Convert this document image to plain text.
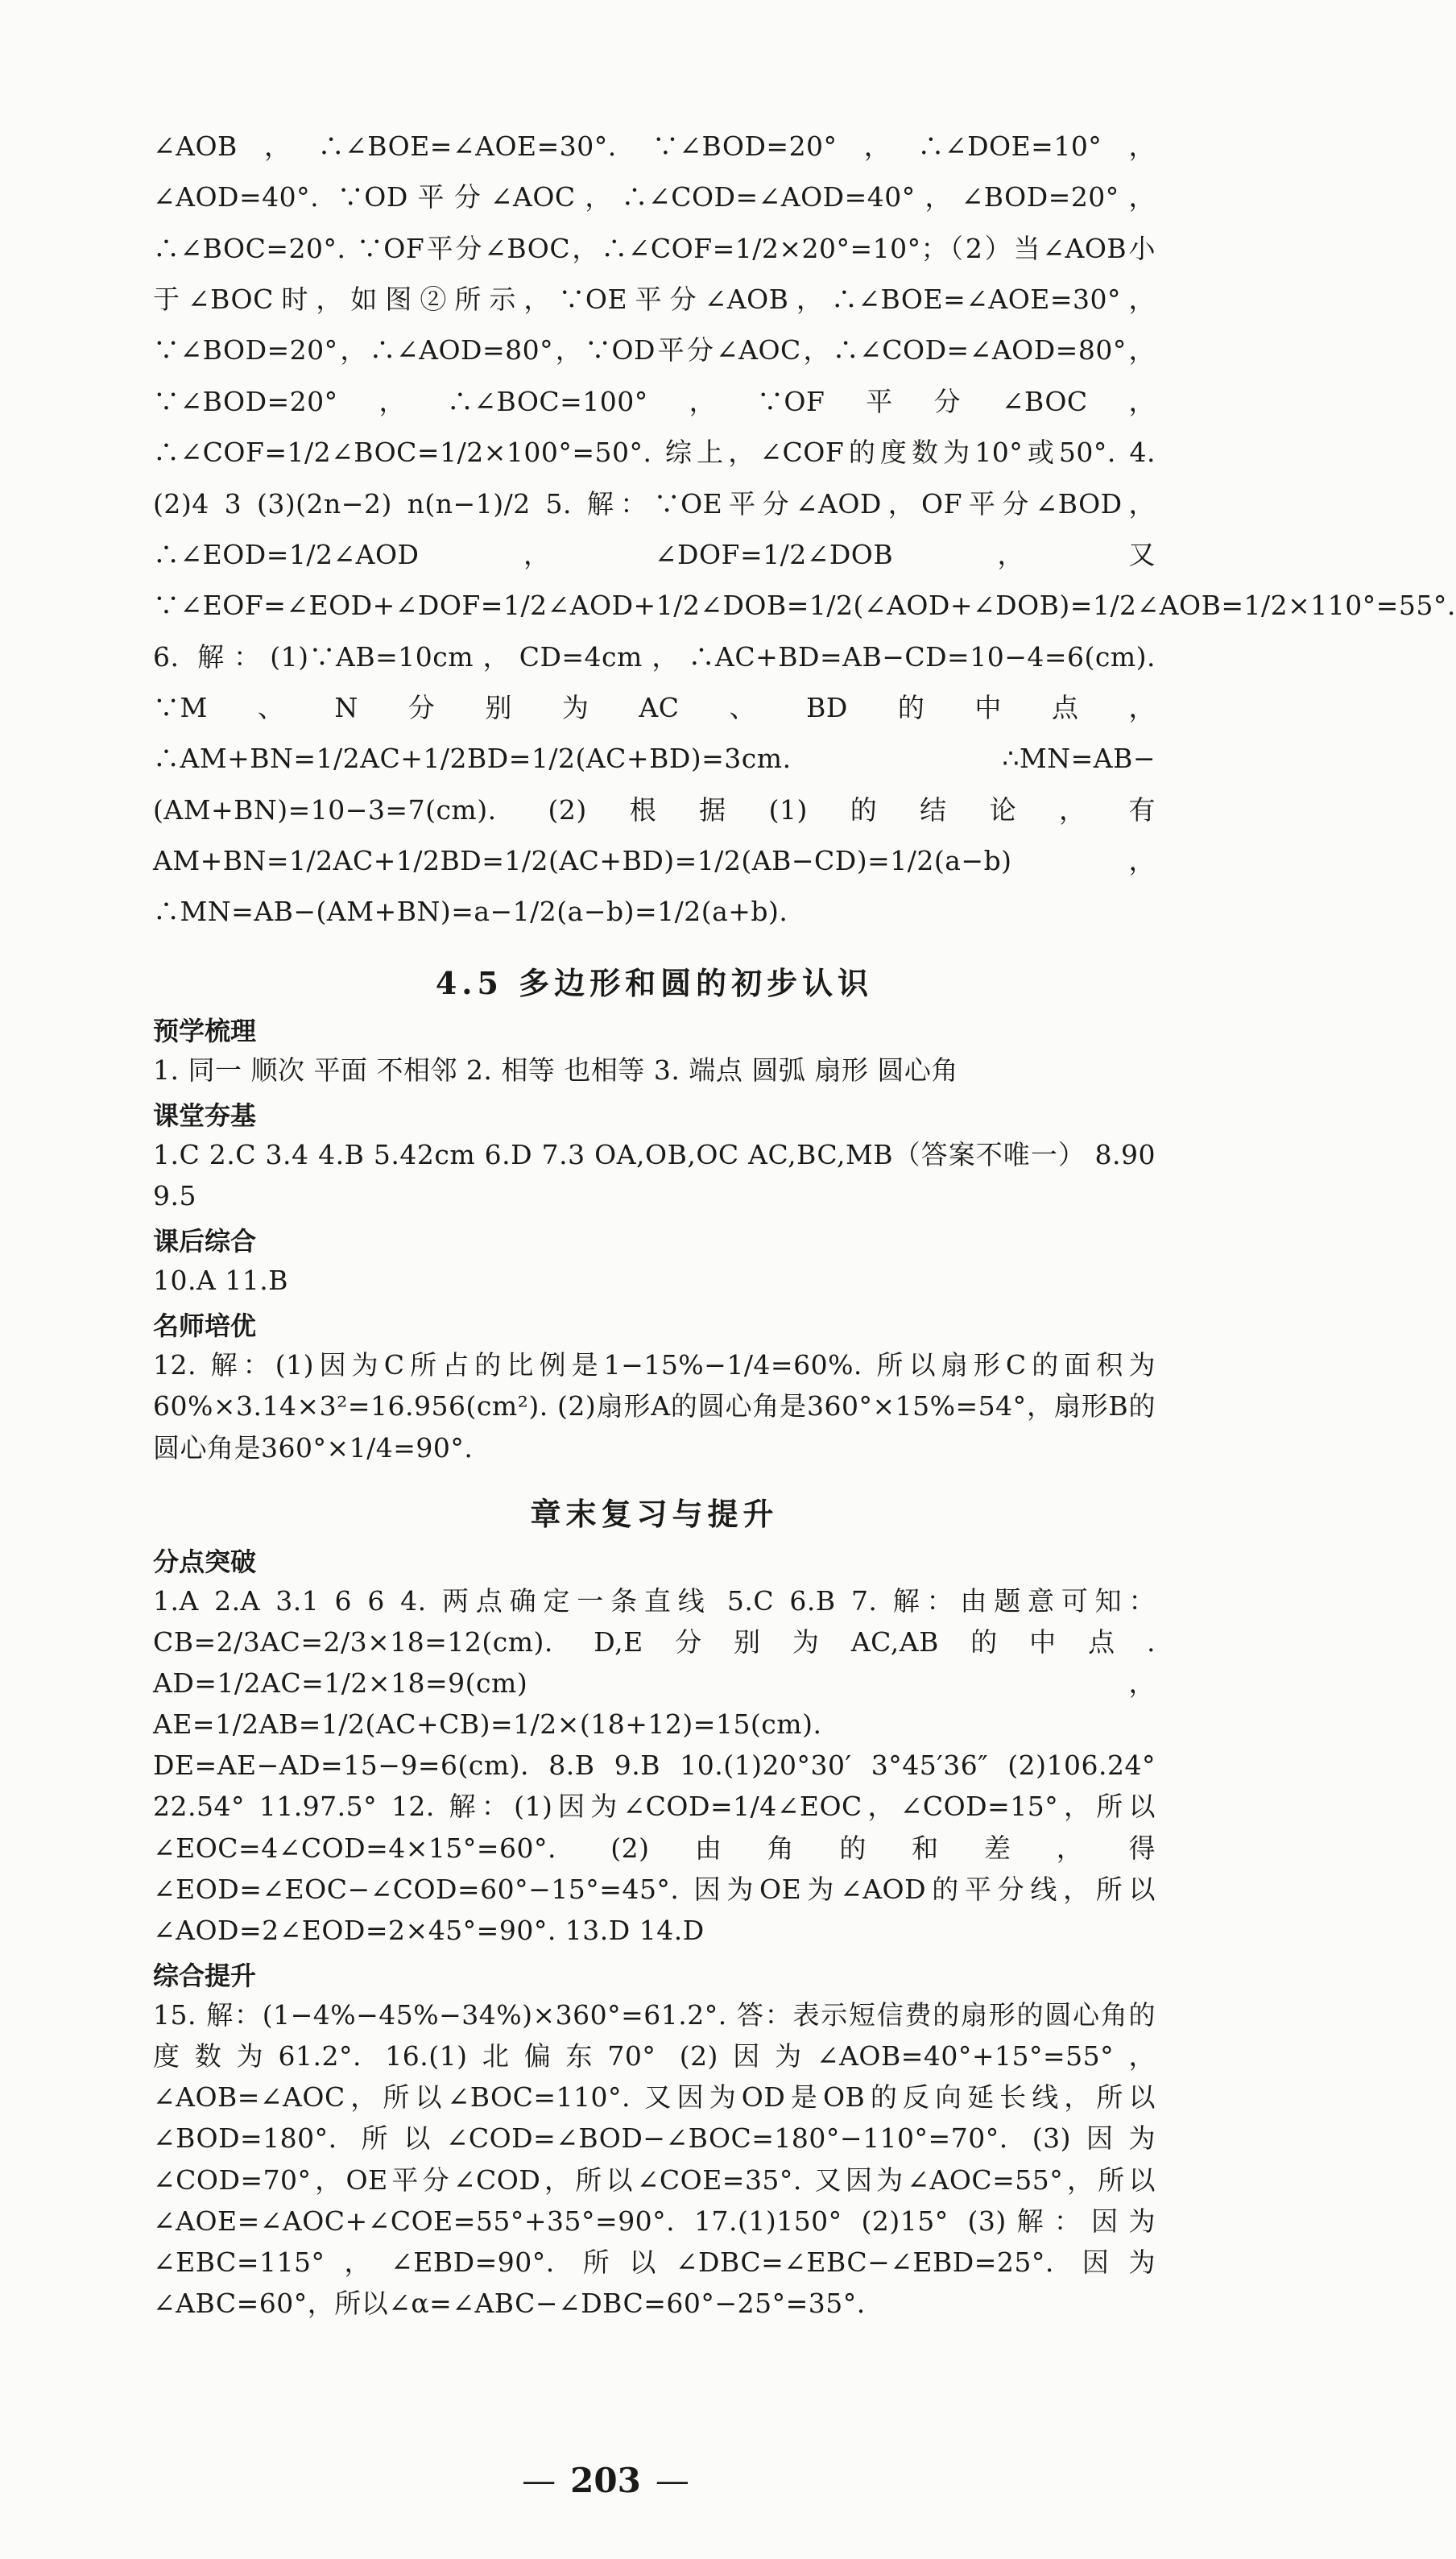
∠AOB，∴∠BOE=∠AOE=30°. ∵∠BOD=20°，∴∠DOE=10°，∠AOD=40°. ∵OD平分∠AOC，∴∠COD=∠AOD=40°，∠BOD=20°，∴∠BOC=20°. ∵OF平分∠BOC，∴∠COF=1/2×20°=10°；（2）当∠AOB小于∠BOC时，如图②所示，∵OE平分∠AOB，∴∠BOE=∠AOE=30°，∵∠BOD=20°，∴∠AOD=80°，∵OD平分∠AOC，∴∠COD=∠AOD=80°，∵∠BOD=20°，∴∠BOC=100°，∵OF平分∠BOC，∴∠COF=1/2∠BOC=1/2×100°=50°. 综上，∠COF的度数为10°或50°. 4.(2)4 3 (3)(2n−2) n(n−1)/2 5. 解：∵OE平分∠AOD，OF平分∠BOD，∴∠EOD=1/2∠AOD，∠DOF=1/2∠DOB，又∵∠EOF=∠EOD+∠DOF=1/2∠AOD+1/2∠DOB=1/2(∠AOD+∠DOB)=1/2∠AOB=1/2×110°=55°. 6. 解：(1)∵AB=10cm，CD=4cm，∴AC+BD=AB−CD=10−4=6(cm). ∵M、N分别为AC、BD的中点，∴AM+BN=1/2AC+1/2BD=1/2(AC+BD)=3cm. ∴MN=AB−(AM+BN)=10−3=7(cm). (2)根据(1)的结论，有AM+BN=1/2AC+1/2BD=1/2(AC+BD)=1/2(AB−CD)=1/2(a−b)，∴MN=AB−(AM+BN)=a−1/2(a−b)=1/2(a+b).

4.5 多边形和圆的初步认识
预学梳理

1. 同一 顺次 平面 不相邻 2. 相等 也相等 3. 端点 圆弧 扇形 圆心角

课堂夯基

1.C 2.C 3.4 4.B 5.42cm 6.D 7.3 OA,OB,OC AC,BC,MB（答案不唯一） 8.90 9.5

课后综合

10.A 11.B

名师培优

12. 解：(1)因为C所占的比例是1−15%−1/4=60%. 所以扇形C的面积为60%×3.14×3²=16.956(cm²). (2)扇形A的圆心角是360°×15%=54°，扇形B的圆心角是360°×1/4=90°.

章末复习与提升
分点突破

1.A 2.A 3.1 6 6 4. 两点确定一条直线 5.C 6.B 7. 解：由题意可知：CB=2/3AC=2/3×18=12(cm). D,E分别为AC,AB的中点. AD=1/2AC=1/2×18=9(cm)，AE=1/2AB=1/2(AC+CB)=1/2×(18+12)=15(cm). DE=AE−AD=15−9=6(cm). 8.B 9.B 10.(1)20°30′ 3°45′36″ (2)106.24° 22.54° 11.97.5° 12. 解：(1)因为∠COD=1/4∠EOC，∠COD=15°，所以∠EOC=4∠COD=4×15°=60°. (2)由角的和差，得∠EOD=∠EOC−∠COD=60°−15°=45°. 因为OE为∠AOD的平分线，所以∠AOD=2∠EOD=2×45°=90°. 13.D 14.D

综合提升

15. 解：(1−4%−45%−34%)×360°=61.2°. 答：表示短信费的扇形的圆心角的度数为61.2°. 16.(1)北偏东70° (2)因为∠AOB=40°+15°=55°，∠AOB=∠AOC，所以∠BOC=110°. 又因为OD是OB的反向延长线，所以∠BOD=180°. 所以∠COD=∠BOD−∠BOC=180°−110°=70°. (3)因为∠COD=70°，OE平分∠COD，所以∠COE=35°. 又因为∠AOC=55°，所以∠AOE=∠AOC+∠COE=55°+35°=90°. 17.(1)150° (2)15° (3)解：因为∠EBC=115°，∠EBD=90°. 所以∠DBC=∠EBC−∠EBD=25°. 因为∠ABC=60°，所以∠α=∠ABC−∠DBC=60°−25°=35°.

— 203 —
